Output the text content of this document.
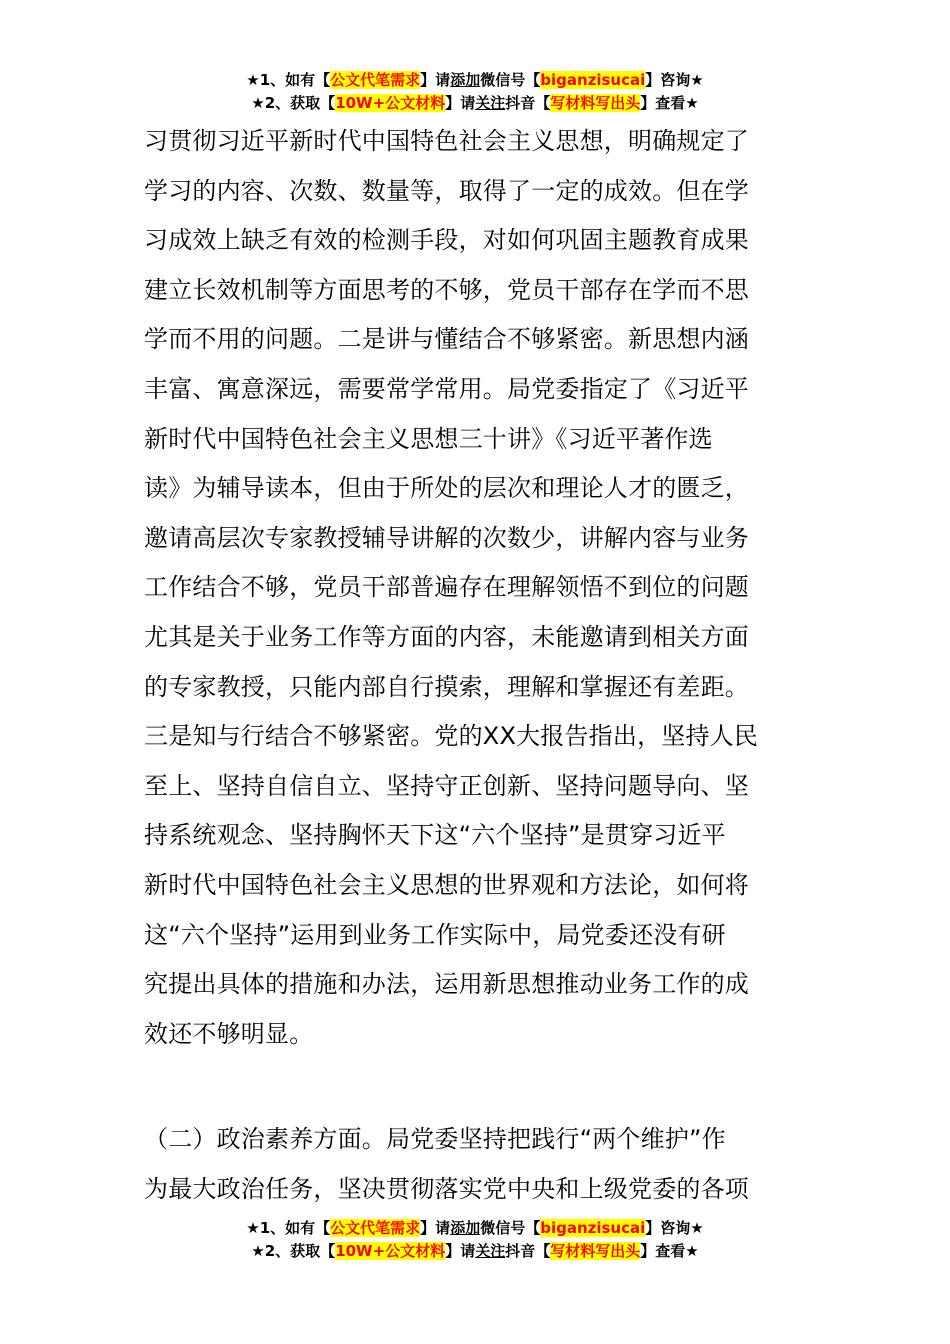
★1、如有【公文代笔需求】请添加微信号【biganzisucai】咨询★
★2、获取【10W+公文材料】请关注抖音【写材料写出头】查看★
习贯彻习近平新时代中国特色社会主义思想，明确规定了
学习的内容、次数、数量等，取得了一定的成效。但在学
习成效上缺乏有效的检测手段，对如何巩固主题教育成果
建立长效机制等方面思考的不够，党员干部存在学而不思
学而不用的问题。二是讲与懂结合不够紧密。新思想内涵
丰富、寓意深远，需要常学常用。局党委指定了《习近平
新时代中国特色社会主义思想三十讲》《习近平著作选
读》为辅导读本，但由于所处的层次和理论人才的匮乏，
邀请高层次专家教授辅导讲解的次数少，讲解内容与业务
工作结合不够，党员干部普遍存在理解领悟不到位的问题
尤其是关于业务工作等方面的内容，未能邀请到相关方面
的专家教授，只能内部自行摸索，理解和掌握还有差距。
三是知与行结合不够紧密。党的XX大报告指出，坚持人民
至上、坚持自信自立、坚持守正创新、坚持问题导向、坚
持系统观念、坚持胸怀天下这“六个坚持”是贯穿习近平
新时代中国特色社会主义思想的世界观和方法论，如何将
这“六个坚持”运用到业务工作实际中，局党委还没有研
究提出具体的措施和办法，运用新思想推动业务工作的成
效还不够明显。
（二）政治素养方面。局党委坚持把践行“两个维护”作
为最大政治任务，坚决贯彻落实党中央和上级党委的各项
★1、如有【公文代笔需求】请添加微信号【biganzisucai】咨询★
★2、获取【10W+公文材料】请关注抖音【写材料写出头】查看★
